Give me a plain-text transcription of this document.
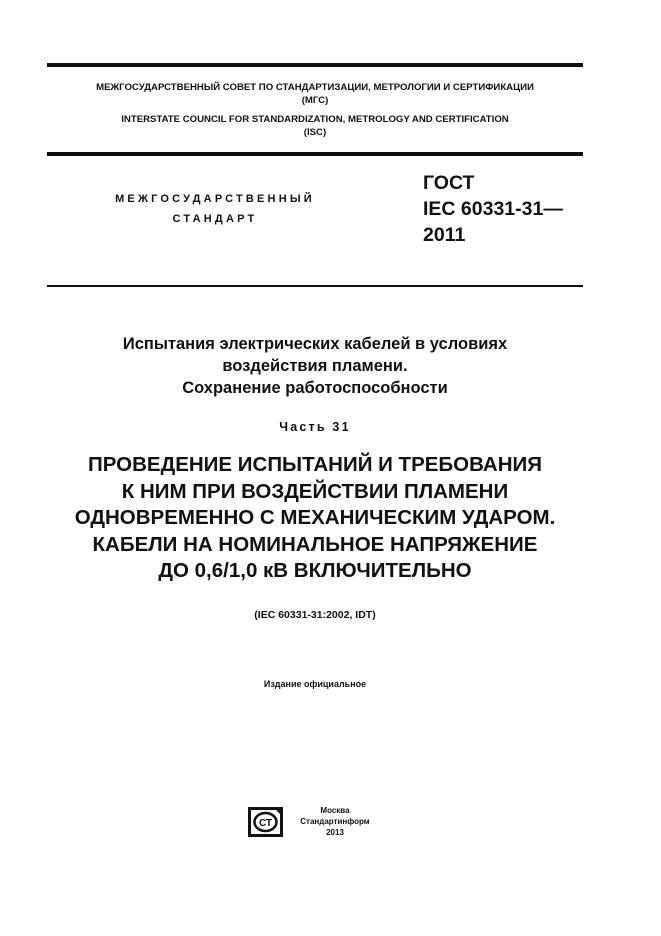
МЕЖГОСУДАРСТВЕННЫЙ СОВЕТ ПО СТАНДАРТИЗАЦИИ, МЕТРОЛОГИИ И СЕРТИФИКАЦИИ
(МГС)
INTERSTATE COUNCIL FOR STANDARDIZATION, METROLOGY AND CERTIFICATION
(ISC)
МЕЖГОСУДАРСТВЕННЫЙ
СТАНДАРТ
ГОСТ
IEC 60331-31—
2011
Испытания электрических кабелей в условиях
воздействия пламени.
Сохранение работоспособности
Часть 31
ПРОВЕДЕНИЕ ИСПЫТАНИЙ И ТРЕБОВАНИЯ
К НИМ ПРИ ВОЗДЕЙСТВИИ ПЛАМЕНИ
ОДНОВРЕМЕННО С МЕХАНИЧЕСКИМ УДАРОМ.
КАБЕЛИ НА НОМИНАЛЬНОЕ НАПРЯЖЕНИЕ
ДО 0,6/1,0 кВ ВКЛЮЧИТЕЛЬНО
(IEC 60331-31:2002, IDT)
Издание официальное
СТ
Москва
Стандартинформ
2013
